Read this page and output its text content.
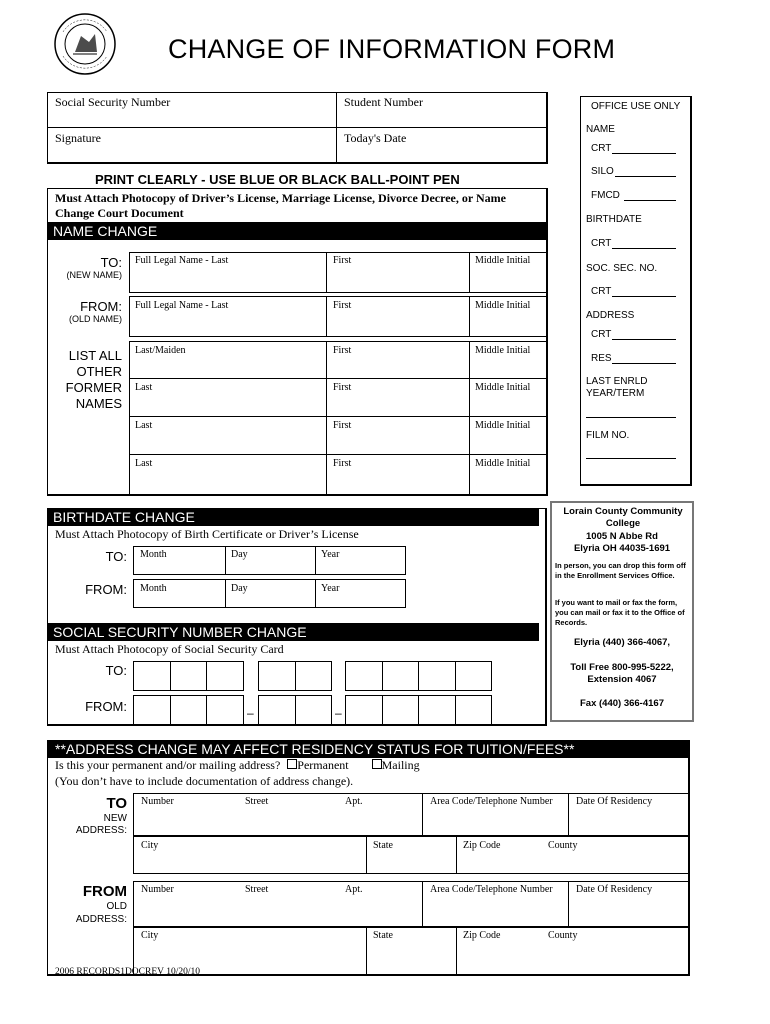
CHANGE OF INFORMATION FORM
Social Security Number	Student Number
Signature	Today's Date
PRINT CLEARLY - USE BLUE OR BLACK BALL-POINT PEN
Must Attach Photocopy of Driver’s License, Marriage License, Divorce Decree, or Name Change Court Document
NAME CHANGE
TO:
(NEW NAME)
FROM:
(OLD NAME)
LIST ALL OTHER FORMER NAMES
Full Legal Name - Last	First	Middle Initial
Full Legal Name - Last	First	Middle Initial
Last/Maiden	First	Middle Initial
Last	First	Middle Initial
Last	First	Middle Initial
Last	First	Middle Initial
OFFICE USE ONLY
NAME
CRT
SILO
FMCD
BIRTHDATE
CRT
SOC. SEC. NO.
CRT
ADDRESS
CRT
RES
LAST ENRLD YEAR/TERM
FILM NO.
BIRTHDATE CHANGE
Must Attach Photocopy of Birth Certificate or Driver’s License
TO: Month	Day	Year
FROM: Month	Day	Year
SOCIAL SECURITY NUMBER CHANGE
Must Attach Photocopy of Social Security Card
TO:
FROM:	–	–
Lorain County Community College
1005 N Abbe Rd
Elyria OH 44035-1691
In person, you can drop this form off in the Enrollment Services Office.
If you want to mail or fax the form, you can mail or fax it to the Office of Records.
Elyria (440) 366-4067,
Toll Free 800-995-5222, Extension 4067
Fax (440) 366-4167
**ADDRESS CHANGE MAY AFFECT RESIDENCY STATUS FOR TUITION/FEES**
Is this your permanent and/or mailing address? Permanent	Mailing
(You don’t have to include documentation of address change).
TO
NEW
ADDRESS:
Number	Street	Apt.	Area Code/Telephone Number Date Of Residency
City	State	Zip Code	County
FROM
OLD
ADDRESS:
Number	Street	Apt.	Area Code/Telephone Number Date Of Residency
City	State	Zip Code	County
2006 RECORDS1DOCREV 10/20/10
